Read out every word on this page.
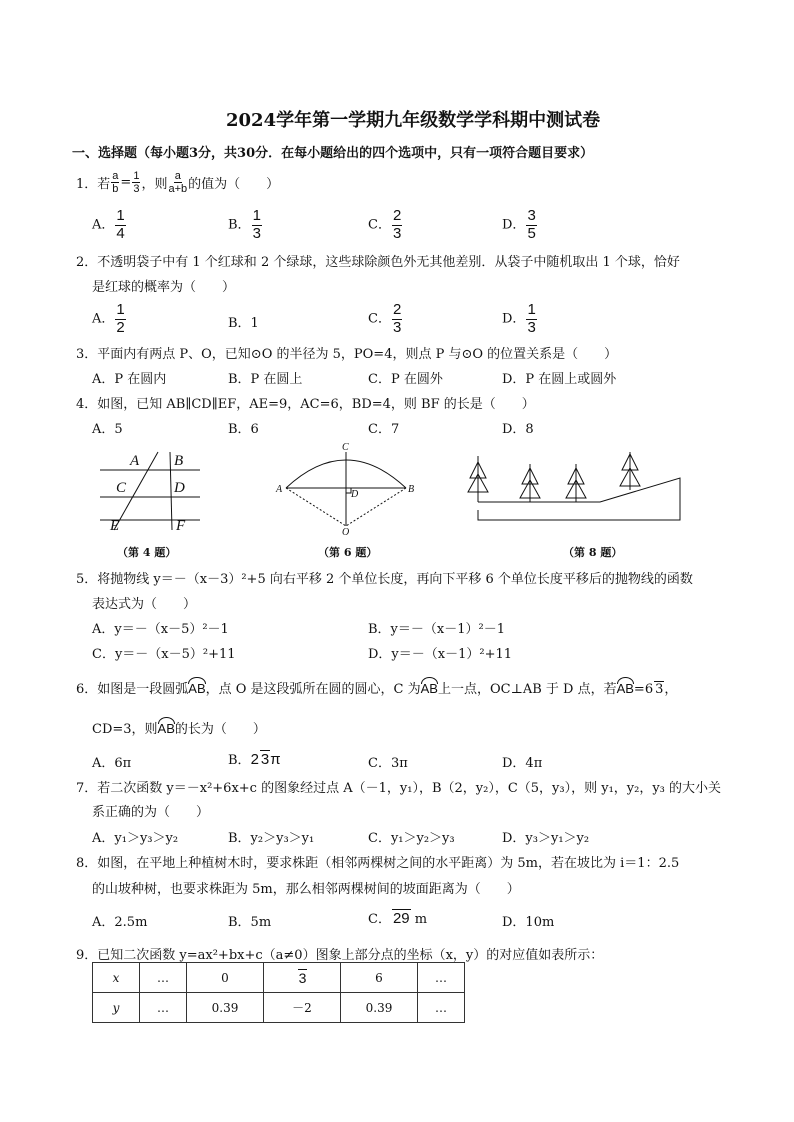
2024学年第一学期九年级数学学科期中测试卷
一、选择题（每小题3分，共30分．在每小题给出的四个选项中，只有一项符合题目要求）
1． 若 $\frac{a}{b} = \frac{1}{3}$ ，则 $\frac{a}{a+b}$ 的值为（　　）
A． $\frac{1}{4}$	B． $\frac{1}{3}$	C． $\frac{2}{3}$	D． $\frac{3}{5}$
2．不透明袋子中有 1 个红球和 2 个绿球，这些球除颜色外无其他差别．从袋子中随机取出 1 个球，恰好
是红球的概率为（　　）
A． $\frac{1}{2}$	B．1	C． $\frac{2}{3}$	D． $\frac{1}{3}$
3．平面内有两点 P、O，已知⊙O 的半径为 5，PO=4，则点 P 与⊙O 的位置关系是（　　）
A．P 在圆内	B．P 在圆上	C．P 在圆外	D．P 在圆上或圆外
4．如图，已知 AB∥CD∥EF，AE=9，AC=6，BD=4，则 BF 的长是（　　）
A．5	B．6	C．7	D．8
A B
C	D
E	F
（第 4 题）
A	B
C
D
O
（第 6 题）	（第 8 题）
5．将抛物线 y＝－（x－3）²+5 向右平移 2 个单位长度，再向下平移 6 个单位长度平移后的抛物线的函数
表达式为（　　）
A．y＝－（x－5）²－1	B．y＝－（x－1）²－1
C．y＝－（x－5）²+11	D．y＝－（x－1）²+11
6．如图是一段圆弧AB，点 O 是这段弧所在圆的圆心，C 为AB上一点，OC⊥AB 于 D 点，若AB=6 3，
CD=3，则AB的长为（　　）
A．6π	B．2 3π	C．3π	D．4π
7．若二次函数 y＝－x²+6x+c 的图象经过点 A（－1，y₁），B（2，y₂），C（5，y₃），则 y₁，y₂，y₃ 的大小关
系正确的为（　　）
A．y₁＞y₃＞y₂	B．y₂＞y₃＞y₁	C．y₁＞y₂＞y₃	D．y₃＞y₁＞y₂
8．如图，在平地上种植树木时，要求株距（相邻两棵树之间的水平距离）为 5m，若在坡比为 i＝1：2.5
的山坡种树，也要求株距为 5m，那么相邻两棵树间的坡面距离为（　　）
A．2.5m	B．5m	C． 29 m	D．10m
9．已知二次函数 y=ax²+bx+c（a≠0）图象上部分点的坐标（x，y）的对应值如表所示：
x	…	0	3	6	…
y	…	0.39	－2	0.39	…
